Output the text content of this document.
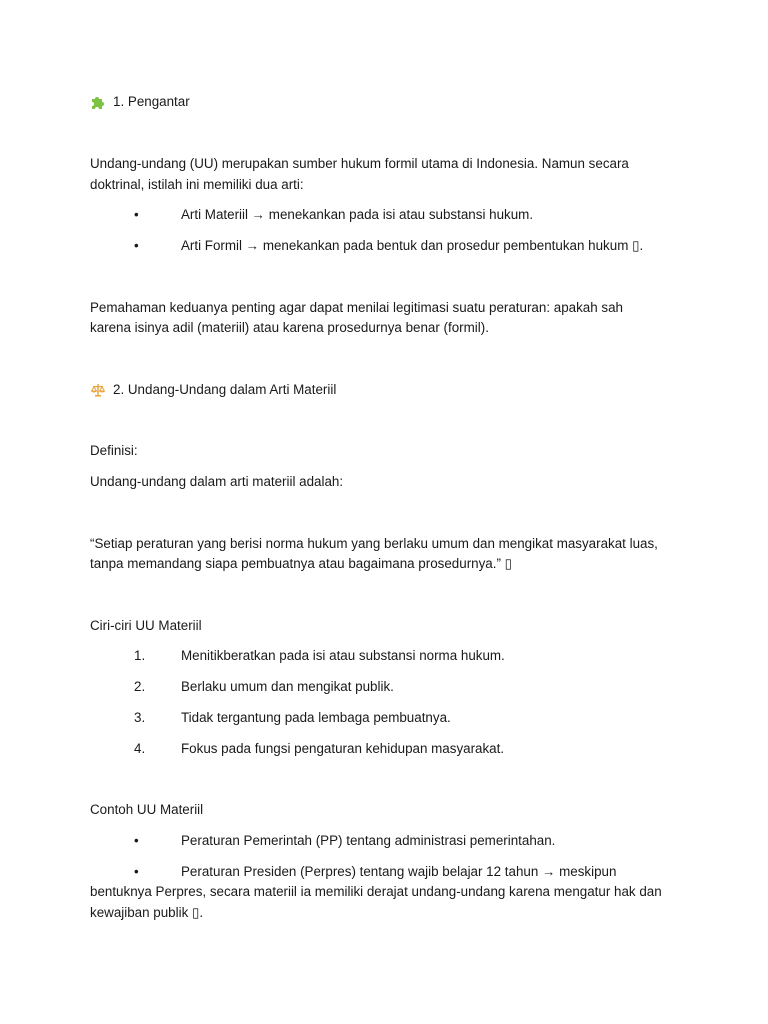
1. Pengantar
Undang-undang (UU) merupakan sumber hukum formil utama di Indonesia. Namun secara
doktrinal, istilah ini memiliki dua arti:
•	Arti Materiil → menekankan pada isi atau substansi hukum.
•	Arti Formil → menekankan pada bentuk dan prosedur pembentukan hukum ▯.
Pemahaman keduanya penting agar dapat menilai legitimasi suatu peraturan: apakah sah
karena isinya adil (materiil) atau karena prosedurnya benar (formil).
2. Undang-Undang dalam Arti Materiil
Definisi:
Undang-undang dalam arti materiil adalah:
“Setiap peraturan yang berisi norma hukum yang berlaku umum dan mengikat masyarakat luas,
tanpa memandang siapa pembuatnya atau bagaimana prosedurnya.” ▯
Ciri-ciri UU Materiil
1.	Menitikberatkan pada isi atau substansi norma hukum.
2.	Berlaku umum dan mengikat publik.
3.	Tidak tergantung pada lembaga pembuatnya.
4.	Fokus pada fungsi pengaturan kehidupan masyarakat.
Contoh UU Materiil
•	Peraturan Pemerintah (PP) tentang administrasi pemerintahan.
•	Peraturan Presiden (Perpres) tentang wajib belajar 12 tahun → meskipun
bentuknya Perpres, secara materiil ia memiliki derajat undang-undang karena mengatur hak dan
kewajiban publik ▯.
